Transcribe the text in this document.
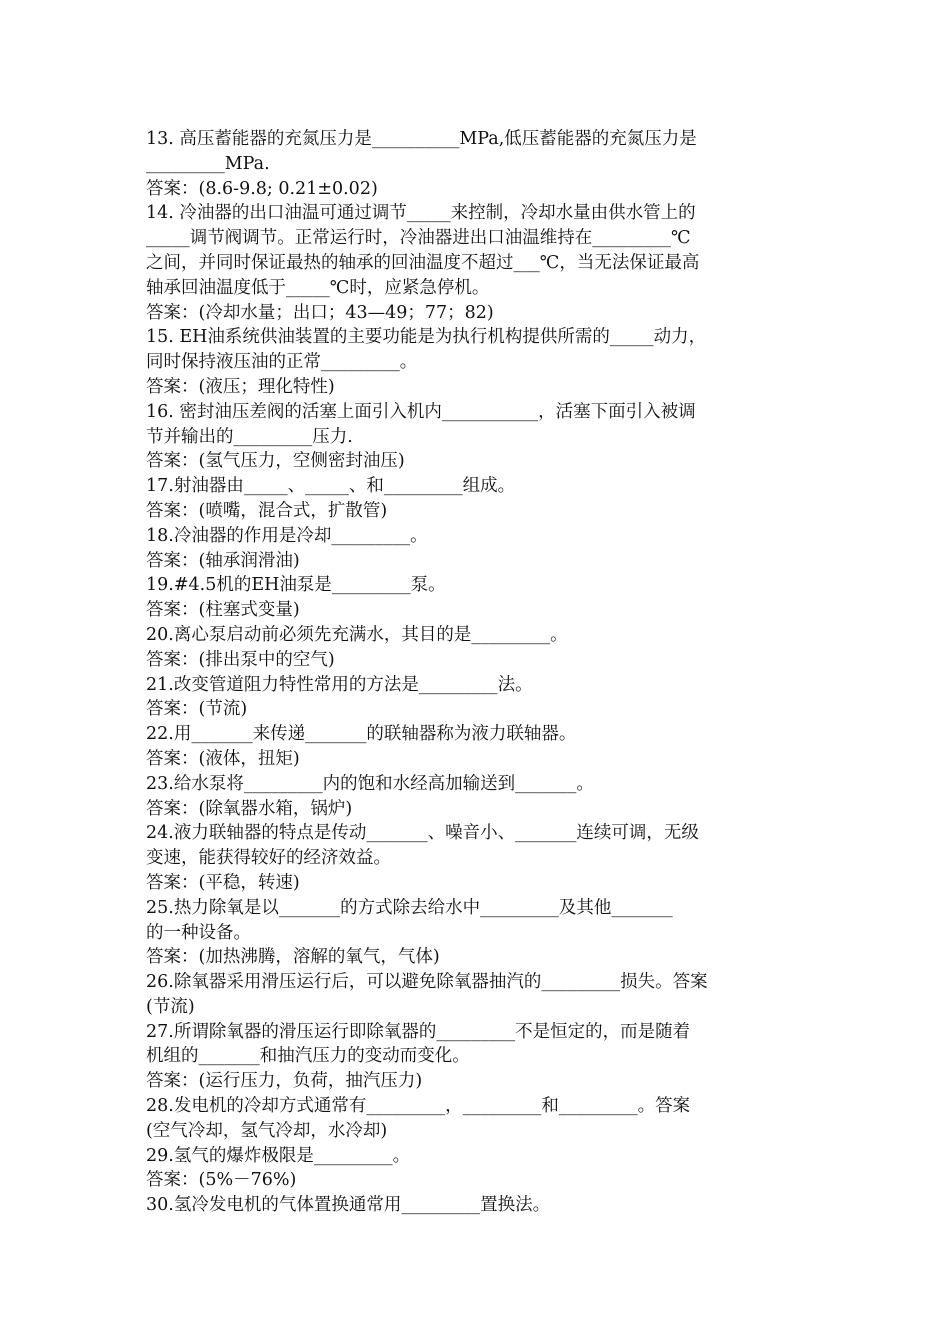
13. 高压蓄能器的充氮压力是__________MPa,低压蓄能器的充氮压力是
_________MPa.
答案：(8.6-9.8; 0.21±0.02)
14. 冷油器的出口油温可通过调节_____来控制，冷却水量由供水管上的
_____调节阀调节。正常运行时，冷油器进出口油温维持在_________℃
之间，并同时保证最热的轴承的回油温度不超过___℃，当无法保证最高
轴承回油温度低于_____℃时，应紧急停机。
答案：(冷却水量；出口；43—49；77；82)
15. EH油系统供油装置的主要功能是为执行机构提供所需的_____动力，
同时保持液压油的正常_________。
答案：(液压；理化特性)
16. 密封油压差阀的活塞上面引入机内___________，活塞下面引入被调
节并输出的_________压力.
答案：(氢气压力，空侧密封油压)
17.射油器由_____、_____、和_________组成。
答案：(喷嘴，混合式，扩散管)
18.冷油器的作用是冷却_________。
答案：(轴承润滑油)
19.#4.5机的EH油泵是_________泵。
答案：(柱塞式变量)
20.离心泵启动前必须先充满水，其目的是_________。
答案：(排出泵中的空气)
21.改变管道阻力特性常用的方法是_________法。
答案：(节流)
22.用_______来传递_______的联轴器称为液力联轴器。
答案：(液体，扭矩)
23.给水泵将_________内的饱和水经高加输送到_______。
答案：(除氧器水箱，锅炉)
24.液力联轴器的特点是传动_______、噪音小、_______连续可调，无级
变速，能获得较好的经济效益。
答案：(平稳，转速)
25.热力除氧是以_______的方式除去给水中_________及其他_______
的一种设备。
答案：(加热沸腾，溶解的氧气，气体)
26.除氧器采用滑压运行后，可以避免除氧器抽汽的_________损失。答案
(节流)
27.所谓除氧器的滑压运行即除氧器的_________不是恒定的，而是随着
机组的_______和抽汽压力的变动而变化。
答案：(运行压力，负荷，抽汽压力)
28.发电机的冷却方式通常有_________，_________和_________。答案
(空气冷却，氢气冷却，水冷却)
29.氢气的爆炸极限是_________。
答案：(5%－76%)
30.氢冷发电机的气体置换通常用_________置换法。
